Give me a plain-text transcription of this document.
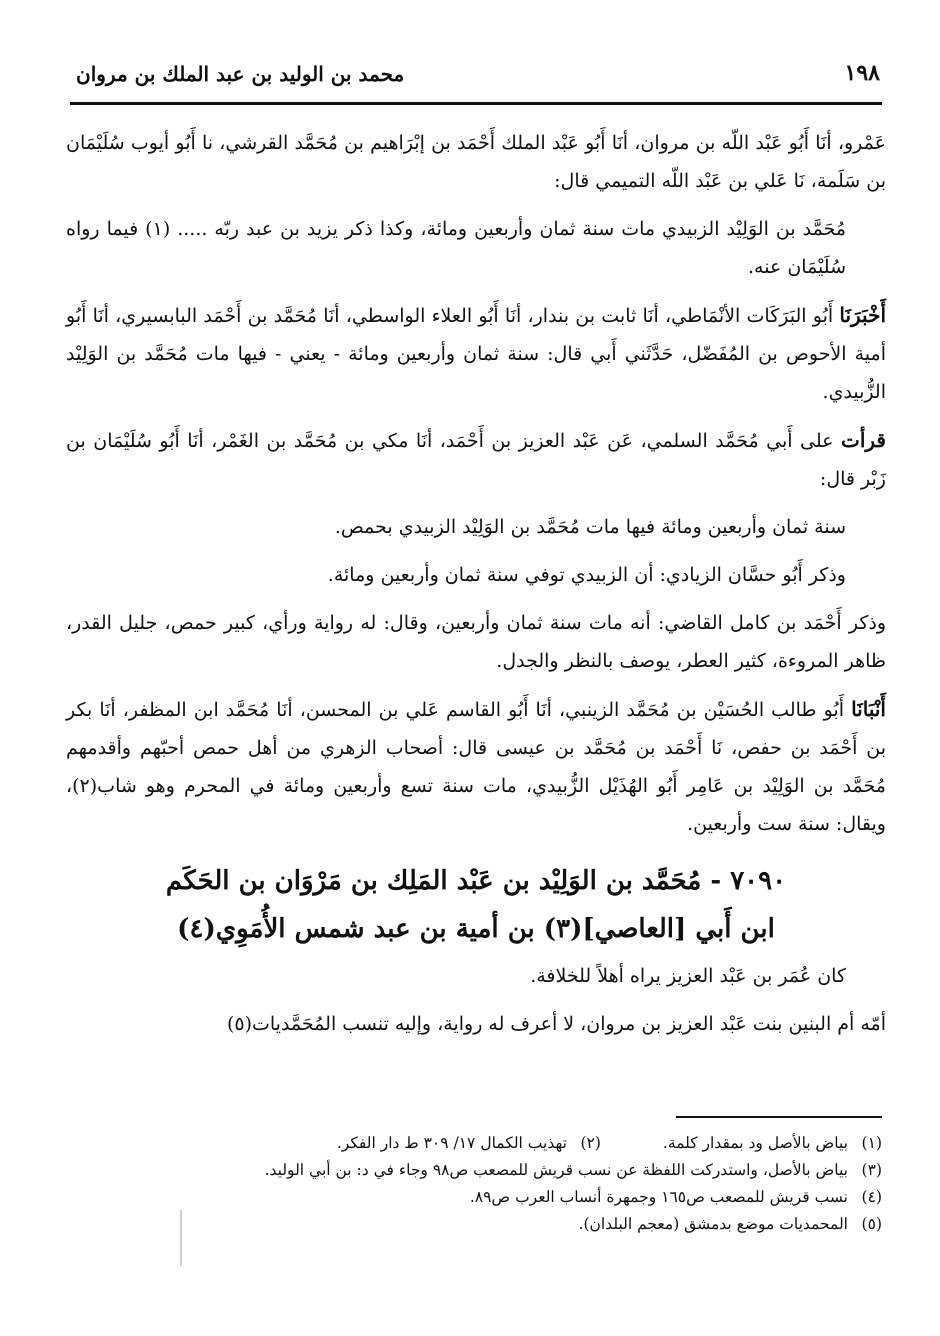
١٩٨
محمد بن الوليد بن عبد الملك بن مروان

عَمْرو، أنَا أَبُو عَبْد اللّه بن مروان، أنَا أَبُو عَبْد الملك أَحْمَد بن إبْرَاهيم بن مُحَمَّد القرشي، نا أَبُو أيوب سُلَيْمَان بن سَلَمة، نَا عَلي بن عَبْد اللّه التميمي قال:

مُحَمَّد بن الوَلِيْد الزبيدي مات سنة ثمان وأربعين ومائة، وكذا ذكر يزيد بن عبد ربّه ..... (١) فيما رواه سُلَيْمَان عنه.

أَخْبَرَنَا أَبُو البَرَكَات الأنْمَاطي، أنَا ثابت بن بندار، أنَا أَبُو العلاء الواسطي، أنَا مُحَمَّد بن أَحْمَد البابسيري، أنَا أَبُو أمية الأحوص بن المُفَضّل، حَدَّثَني أَبي قال: سنة ثمان وأربعين ومائة - يعني - فيها مات مُحَمَّد بن الوَلِيْد الزُّبيدي.

قرأت على أَبي مُحَمَّد السلمي، عَن عَبْد العزيز بن أَحْمَد، أنَا مكي بن مُحَمَّد بن الغَمْر، أنَا أَبُو سُلَيْمَان بن زَبْر قال:

سنة ثمان وأربعين ومائة فيها مات مُحَمَّد بن الوَلِيْد الزبيدي بحمص.

وذكر أَبُو حسَّان الزيادي: أن الزبيدي توفي سنة ثمان وأربعين ومائة.

وذكر أَحْمَد بن كامل القاضي: أنه مات سنة ثمان وأربعين، وقال: له رواية ورأي، كبير حمص، جليل القدر، ظاهر المروءة، كثير العطر، يوصف بالنظر والجدل.

أَنْبَانَا أَبُو طالب الحُسَيْن بن مُحَمَّد الزينبي، أنَا أَبُو القاسم عَلي بن المحسن، أنَا مُحَمَّد ابن المظفر، أنَا بكر بن أَحْمَد بن حفص، نَا أَحْمَد بن مُحَمَّد بن عيسى قال: أصحاب الزهري من أهل حمص أحبّهم وأقدمهم مُحَمَّد بن الوَلِيْد بن عَامِر أَبُو الهُذَيْل الزُّبيدي، مات سنة تسع وأربعين ومائة في المحرم وهو شاب(٢)، ويقال: سنة ست وأربعين.

٧٠٩٠ - مُحَمَّد بن الوَلِيْد بن عَبْد المَلِك بن مَرْوَان بن الحَكَم
ابن أَبي [العاصي](٣) بن أمية بن عبد شمس الأُمَوِي(٤)

كان عُمَر بن عَبْد العزيز يراه أهلاً للخلافة.

أمّه أم البنين بنت عَبْد العزيز بن مروان، لا أعرف له رواية، وإليه تنسب المُحَمَّديات(٥)

(١)بياض بالأصل ود بمقدار كلمة.(٢)تهذيب الكمال ١٧/ ٣٠٩ ط دار الفكر.
(٣)بياض بالأصل، واستدركت اللفظة عن نسب قريش للمصعب ص٩٨ وجاء في د: بن أبي الوليد.
(٤)نسب قريش للمصعب ص١٦٥ وجمهرة أنساب العرب ص٨٩.
(٥)المحمديات موضع بدمشق (معجم البلدان).
